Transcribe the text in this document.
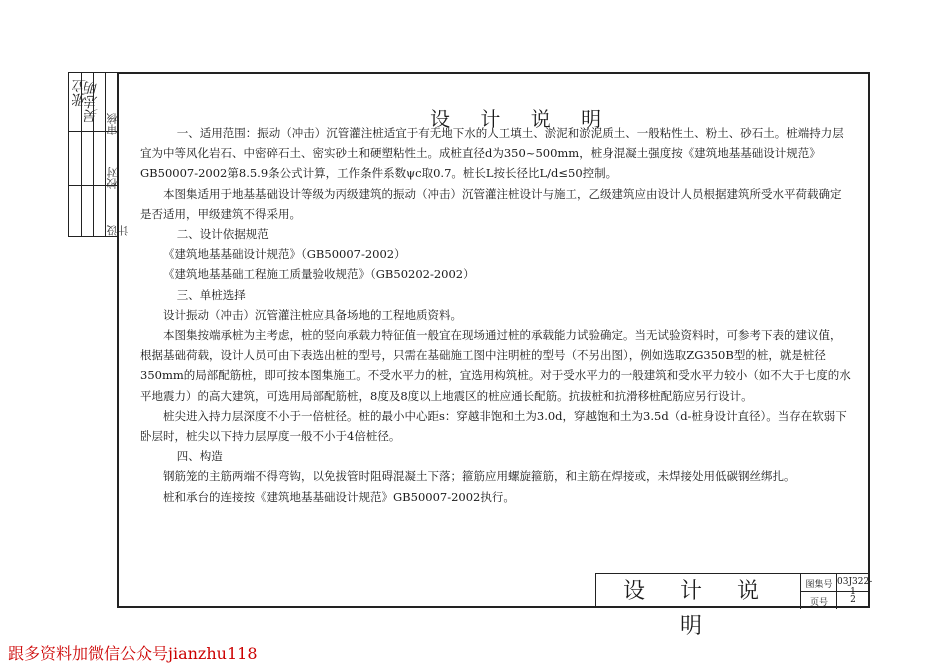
设计
校对
审核
张立
吴志明	设 计 说 明

一、适用范围：振动（冲击）沉管灌注桩适宜于有无地下水的人工填土、淤泥和淤泥质土、一般粘性土、粉土、砂石土。桩端持力层宜为中等风化岩石、中密碎石土、密实砂土和硬塑粘性土。成桩直径d为350~500mm，桩身混凝土强度按《建筑地基基础设计规范》GB50007-2002第8.5.9条公式计算，工作条件系数ψc取0.7。桩长L按长径比L/d≤50控制。

本图集适用于地基基础设计等级为丙级建筑的振动（冲击）沉管灌注桩设计与施工，乙级建筑应由设计人员根据建筑所受水平荷载确定是否适用，甲级建筑不得采用。

二、设计依据规范

《建筑地基基础设计规范》（GB50007-2002）

《建筑地基基础工程施工质量验收规范》（GB50202-2002）

三、单桩选择

设计振动（冲击）沉管灌注桩应具备场地的工程地质资料。

本图集按端承桩为主考虑，桩的竖向承载力特征值一般宜在现场通过桩的承载能力试验确定。当无试验资料时，可参考下表的建议值，根据基础荷载，设计人员可由下表选出桩的型号，只需在基础施工图中注明桩的型号（不另出图），例如选取ZG350B型的桩，就是桩径350mm的局部配筋桩，即可按本图集施工。不受水平力的桩，宜选用构筑桩。对于受水平力的一般建筑和受水平力较小（如不大于七度的水平地震力）的高大建筑，可选用局部配筋桩，8度及8度以上地震区的桩应通长配筋。抗拔桩和抗滑移桩配筋应另行设计。

桩尖进入持力层深度不小于一倍桩径。桩的最小中心距s：穿越非饱和土为3.0d，穿越饱和土为3.5d（d-桩身设计直径）。当存在软弱下卧层时，桩尖以下持力层厚度一般不小于4倍桩径。

四、构造

钢筋笼的主筋两端不得弯钩，以免拔管时阻碍混凝土下落；箍筋应用螺旋箍筋，和主筋在焊接或，未焊接处用低碳钢丝绑扎。

桩和承台的连接按《建筑地基基础设计规范》GB50007-2002执行。

设 计 说 明
图集号 03J322-1
页号	2
跟多资料加微信公众号jianzhu118
